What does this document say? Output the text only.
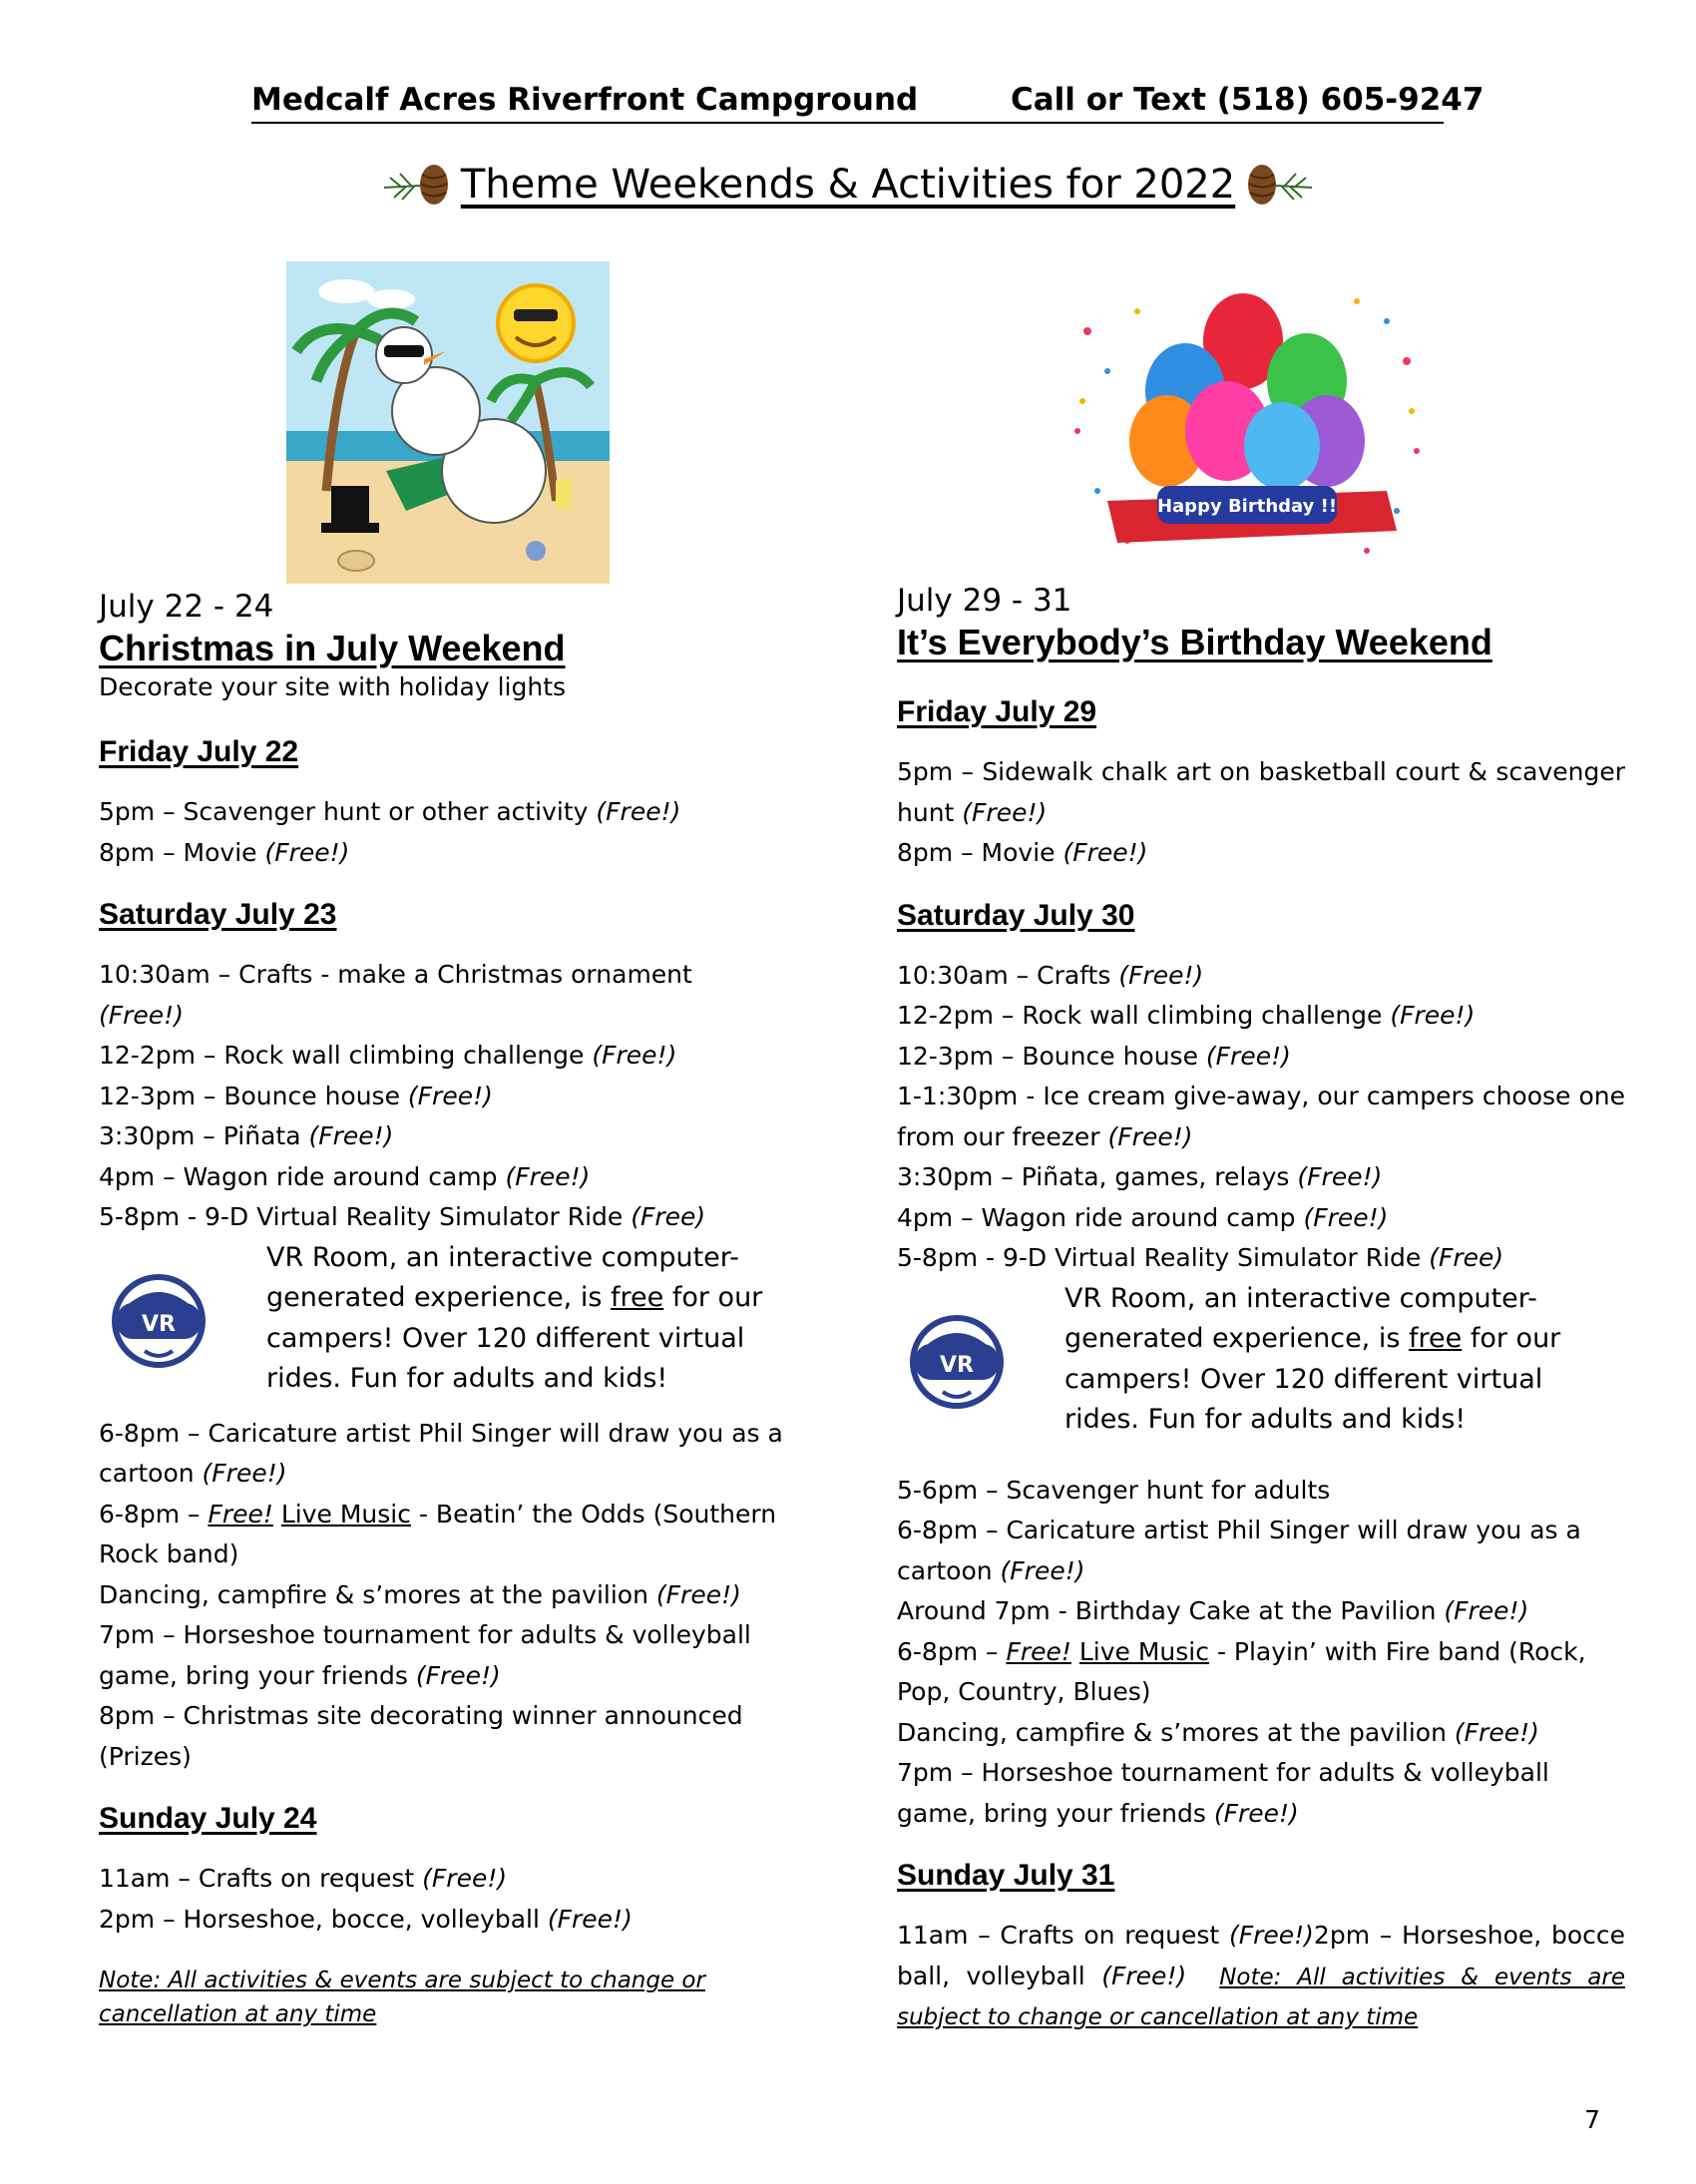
Medcalf Acres Riverfront Campground	Call or Text (518) 605-9247
Theme Weekends & Activities for 2022
Happy Birthday !!
July 22 - 24
Christmas in July Weekend
Decorate your site with holiday lights
Friday July 22
5pm – Scavenger hunt or other activity (Free!)
8pm – Movie (Free!)
Saturday July 23
10:30am – Crafts - make a Christmas ornament (Free!)
12-2pm – Rock wall climbing challenge (Free!)
12-3pm – Bounce house (Free!)
3:30pm – Piñata (Free!)
4pm – Wagon ride around camp (Free!)
5-8pm - 9-D Virtual Reality Simulator Ride (Free)
VR
VR Room, an interactive computer-generated experience, is free for our campers! Over 120 different virtual rides. Fun for adults and kids!
6-8pm – Caricature artist Phil Singer will draw you as a cartoon (Free!)
6-8pm – Free! Live Music - Beatin’ the Odds (Southern Rock band)
Dancing, campfire & s’mores at the pavilion (Free!)
7pm – Horseshoe tournament for adults & volleyball game, bring your friends (Free!)
8pm – Christmas site decorating winner announced (Prizes)
Sunday July 24
11am – Crafts on request (Free!)
2pm – Horseshoe, bocce, volleyball (Free!)
Note: All activities & events are subject to change or cancellation at any time
July 29 - 31
It’s Everybody’s Birthday Weekend
Friday July 29
5pm – Sidewalk chalk art on basketball court & scavenger hunt (Free!)
8pm – Movie (Free!)
Saturday July 30
10:30am – Crafts (Free!)
12-2pm – Rock wall climbing challenge (Free!)
12-3pm – Bounce house (Free!)
1-1:30pm - Ice cream give-away, our campers choose one from our freezer (Free!)
3:30pm – Piñata, games, relays (Free!)
4pm – Wagon ride around camp (Free!)
5-8pm - 9-D Virtual Reality Simulator Ride (Free)
VR
VR Room, an interactive computer-generated experience, is free for our campers! Over 120 different virtual rides. Fun for adults and kids!
5-6pm – Scavenger hunt for adults
6-8pm – Caricature artist Phil Singer will draw you as a cartoon (Free!)
Around 7pm - Birthday Cake at the Pavilion (Free!)
6-8pm – Free! Live Music - Playin’ with Fire band (Rock, Pop, Country, Blues)
Dancing, campfire & s’mores at the pavilion (Free!)
7pm – Horseshoe tournament for adults & volleyball game, bring your friends (Free!)
Sunday July 31
11am – Crafts on request (Free!)2pm – Horseshoe, bocce ball, volleyball (Free!) Note: All activities & events are subject to change or cancellation at any time
7
